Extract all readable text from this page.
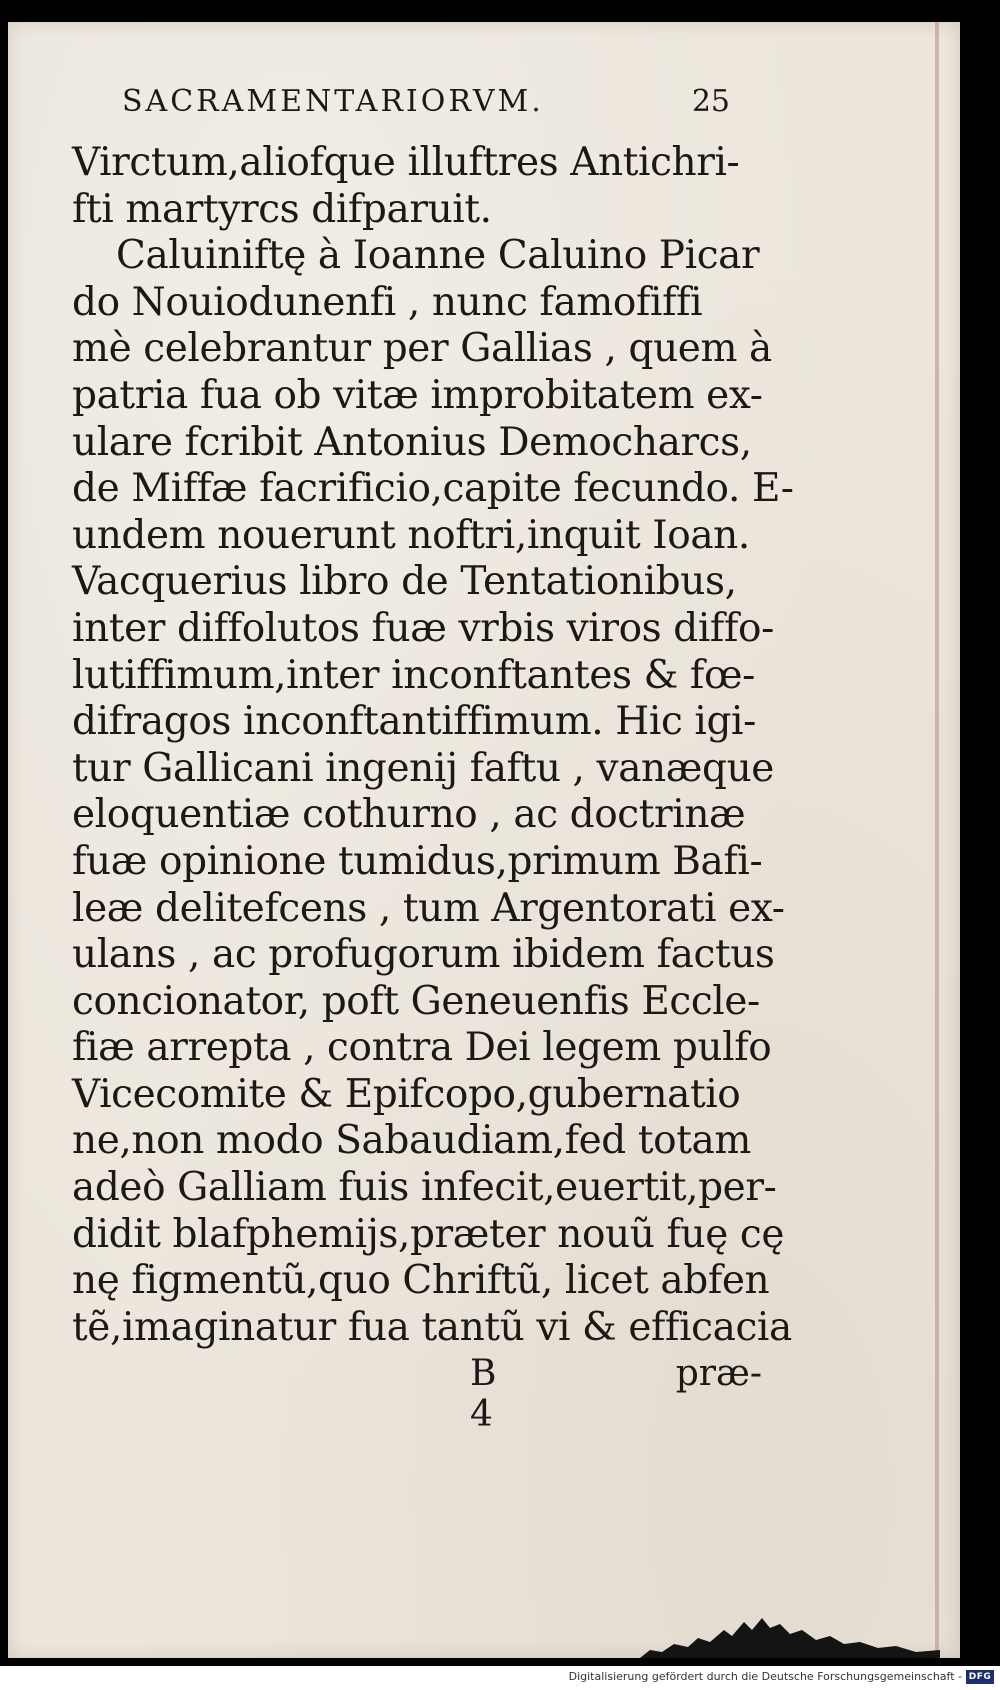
SACRAMENTARIORVM.	25
Virctum,aliofque illuftres Antichri-
fti martyrcs difparuit.
Caluiniftę à Ioanne Caluino Picar
do Nouiodunenfi , nunc famofiffi
mè celebrantur per Gallias , quem à
patria fua ob vitæ improbitatem ex-
ulare fcribit Antonius Democharcs,
de Miffæ facrificio,capite fecundo. E-
undem nouerunt noftri,inquit Ioan.
Vacquerius libro de Tentationibus,
inter diffolutos fuæ vrbis viros diffo-
lutiffimum,inter inconftantes & fœ-
difragos inconftantiffimum. Hic igi-
tur Gallicani ingenij faftu , vanæque
eloquentiæ cothurno , ac doctrinæ
fuæ opinione tumidus,primum Bafi-
leæ delitefcens , tum Argentorati ex-
ulans , ac profugorum ibidem factus
concionator, poft Geneuenfis Eccle-
fiæ arrepta , contra Dei legem pulfo
Vicecomite & Epifcopo,gubernatio
ne,non modo Sabaudiam,fed totam
adeò Galliam fuis infecit,euertit,per-
didit blafphemijs,præter nouũ fuę cę
nę figmentũ,quo Chriftũ, licet abfen
tẽ,imaginatur fua tantũ vi & efficacia
B 4
præ-
Digitalisierung gefördert durch die Deutsche Forschungsgemeinschaft - DFG
